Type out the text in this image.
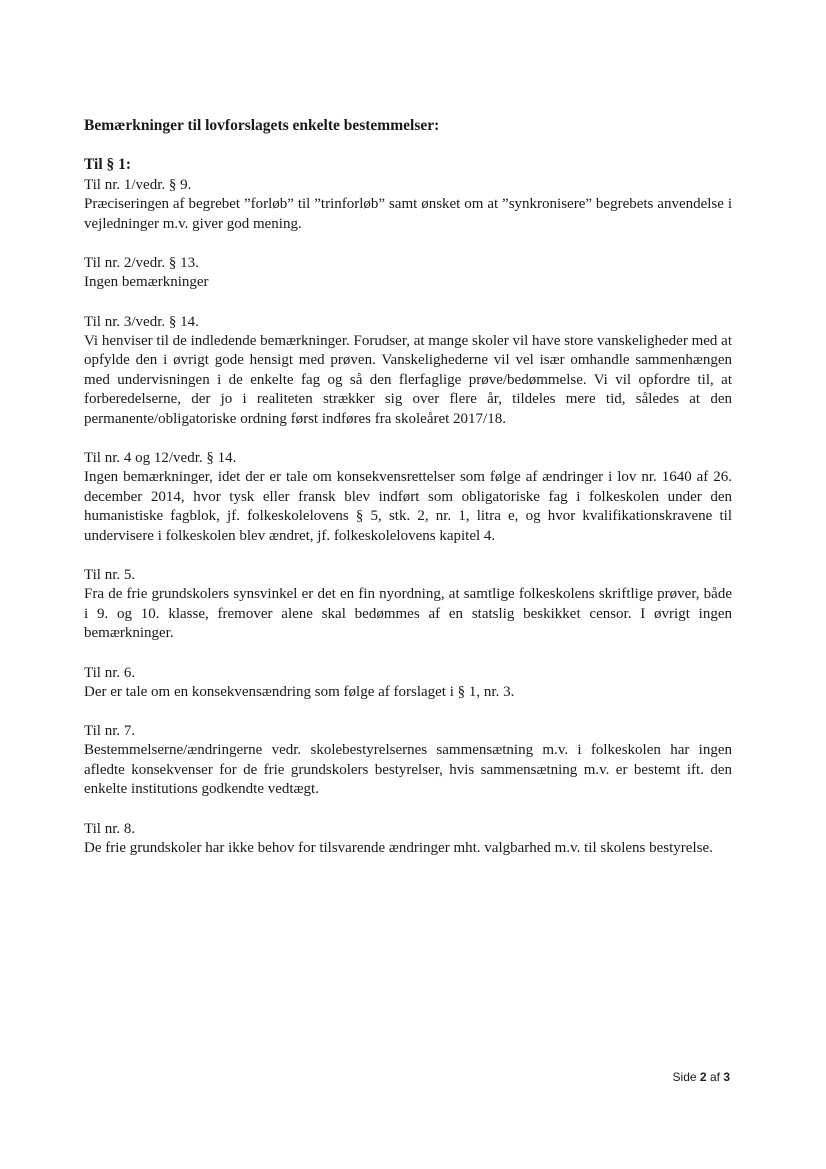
Bemærkninger til lovforslagets enkelte bestemmelser:

Til § 1:

Til nr. 1/vedr. § 9.

Præciseringen af begrebet ”forløb” til ”trinforløb” samt ønsket om at ”synkronisere” begrebets anvendelse i vejledninger m.v. giver god mening.

Til nr. 2/vedr. § 13.

Ingen bemærkninger

Til nr. 3/vedr. § 14.

Vi henviser til de indledende bemærkninger. Forudser, at mange skoler vil have store vanskeligheder med at opfylde den i øvrigt gode hensigt med prøven. Vanskelighederne vil vel især omhandle sammenhængen med undervisningen i de enkelte fag og så den flerfaglige prøve/bedømmelse. Vi vil opfordre til, at forberedelserne, der jo i realiteten strækker sig over flere år, tildeles mere tid, således at den permanente/obligatoriske ordning først indføres fra skoleåret 2017/18.

Til nr. 4 og 12/vedr. § 14.

Ingen bemærkninger, idet der er tale om konsekvensrettelser som følge af ændringer i lov nr. 1640 af 26. december 2014, hvor tysk eller fransk blev indført som obligatoriske fag i folkeskolen under den humanistiske fagblok, jf. folkeskolelovens § 5, stk. 2, nr. 1, litra e, og hvor kvalifikationskravene til undervisere i folkeskolen blev ændret, jf. folkeskolelovens kapitel 4.

Til nr. 5.

Fra de frie grundskolers synsvinkel er det en fin nyordning, at samtlige folkeskolens skriftlige prøver, både i 9. og 10. klasse, fremover alene skal bedømmes af en statslig beskikket censor. I øvrigt ingen bemærkninger.

Til nr. 6.

Der er tale om en konsekvensændring som følge af forslaget i § 1, nr. 3.

Til nr. 7.

Bestemmelserne/ændringerne vedr. skolebestyrelsernes sammensætning m.v. i folkeskolen har ingen afledte konsekvenser for de frie grundskolers bestyrelser, hvis sammensætning m.v. er bestemt ift. den enkelte institutions godkendte vedtægt.

Til nr. 8.

De frie grundskoler har ikke behov for tilsvarende ændringer mht. valgbarhed m.v. til skolens bestyrelse.

Side 2 af 3
